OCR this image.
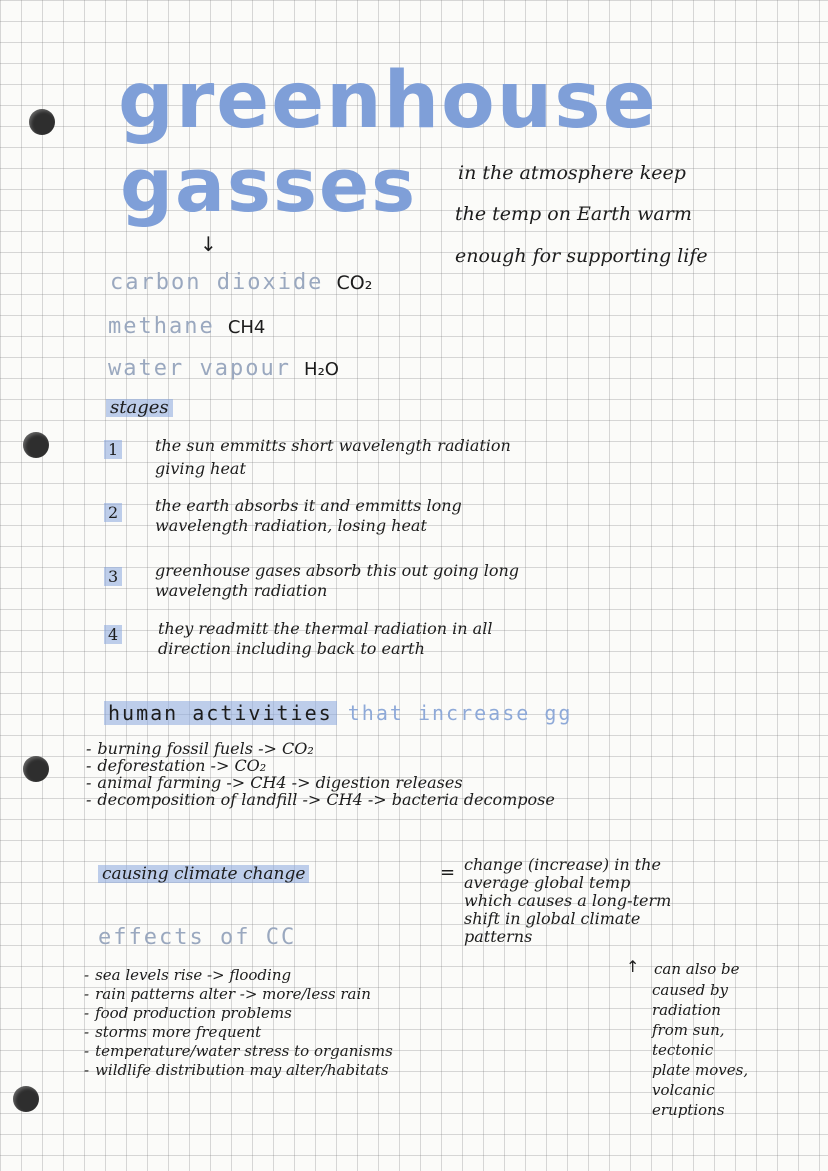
greenhouse
gasses
↓
in the atmosphere keep
the temp on Earth warm
enough for supporting life
carbon dioxide CO₂
methane CH4
water vapour H₂O
stages
1 the sun emmitts short wavelength radiation
giving heat
2 the earth absorbs it and emmitts long
wavelength radiation, losing heat
3 greenhouse gases absorb this out going long
wavelength radiation
4 they readmitt the thermal radiation in all
direction including back to earth
human activities that increase gg
- burning fossil fuels -> CO₂
- deforestation -> CO₂
- animal farming -> CH4 -> digestion releases
- decomposition of landfill -> CH4 -> bacteria decompose
causing climate change	= change (increase) in the
average global temp
which causes a long-term
shift in global climate
patterns
effects of CC
- sea levels rise -> flooding
- rain patterns alter -> more/less rain
- food production problems
- storms more frequent
- temperature/water stress to organisms
- wildlife distribution may alter/habitats
↑ can also be
caused by
radiation
from sun,
tectonic
plate moves,
volcanic
eruptions
